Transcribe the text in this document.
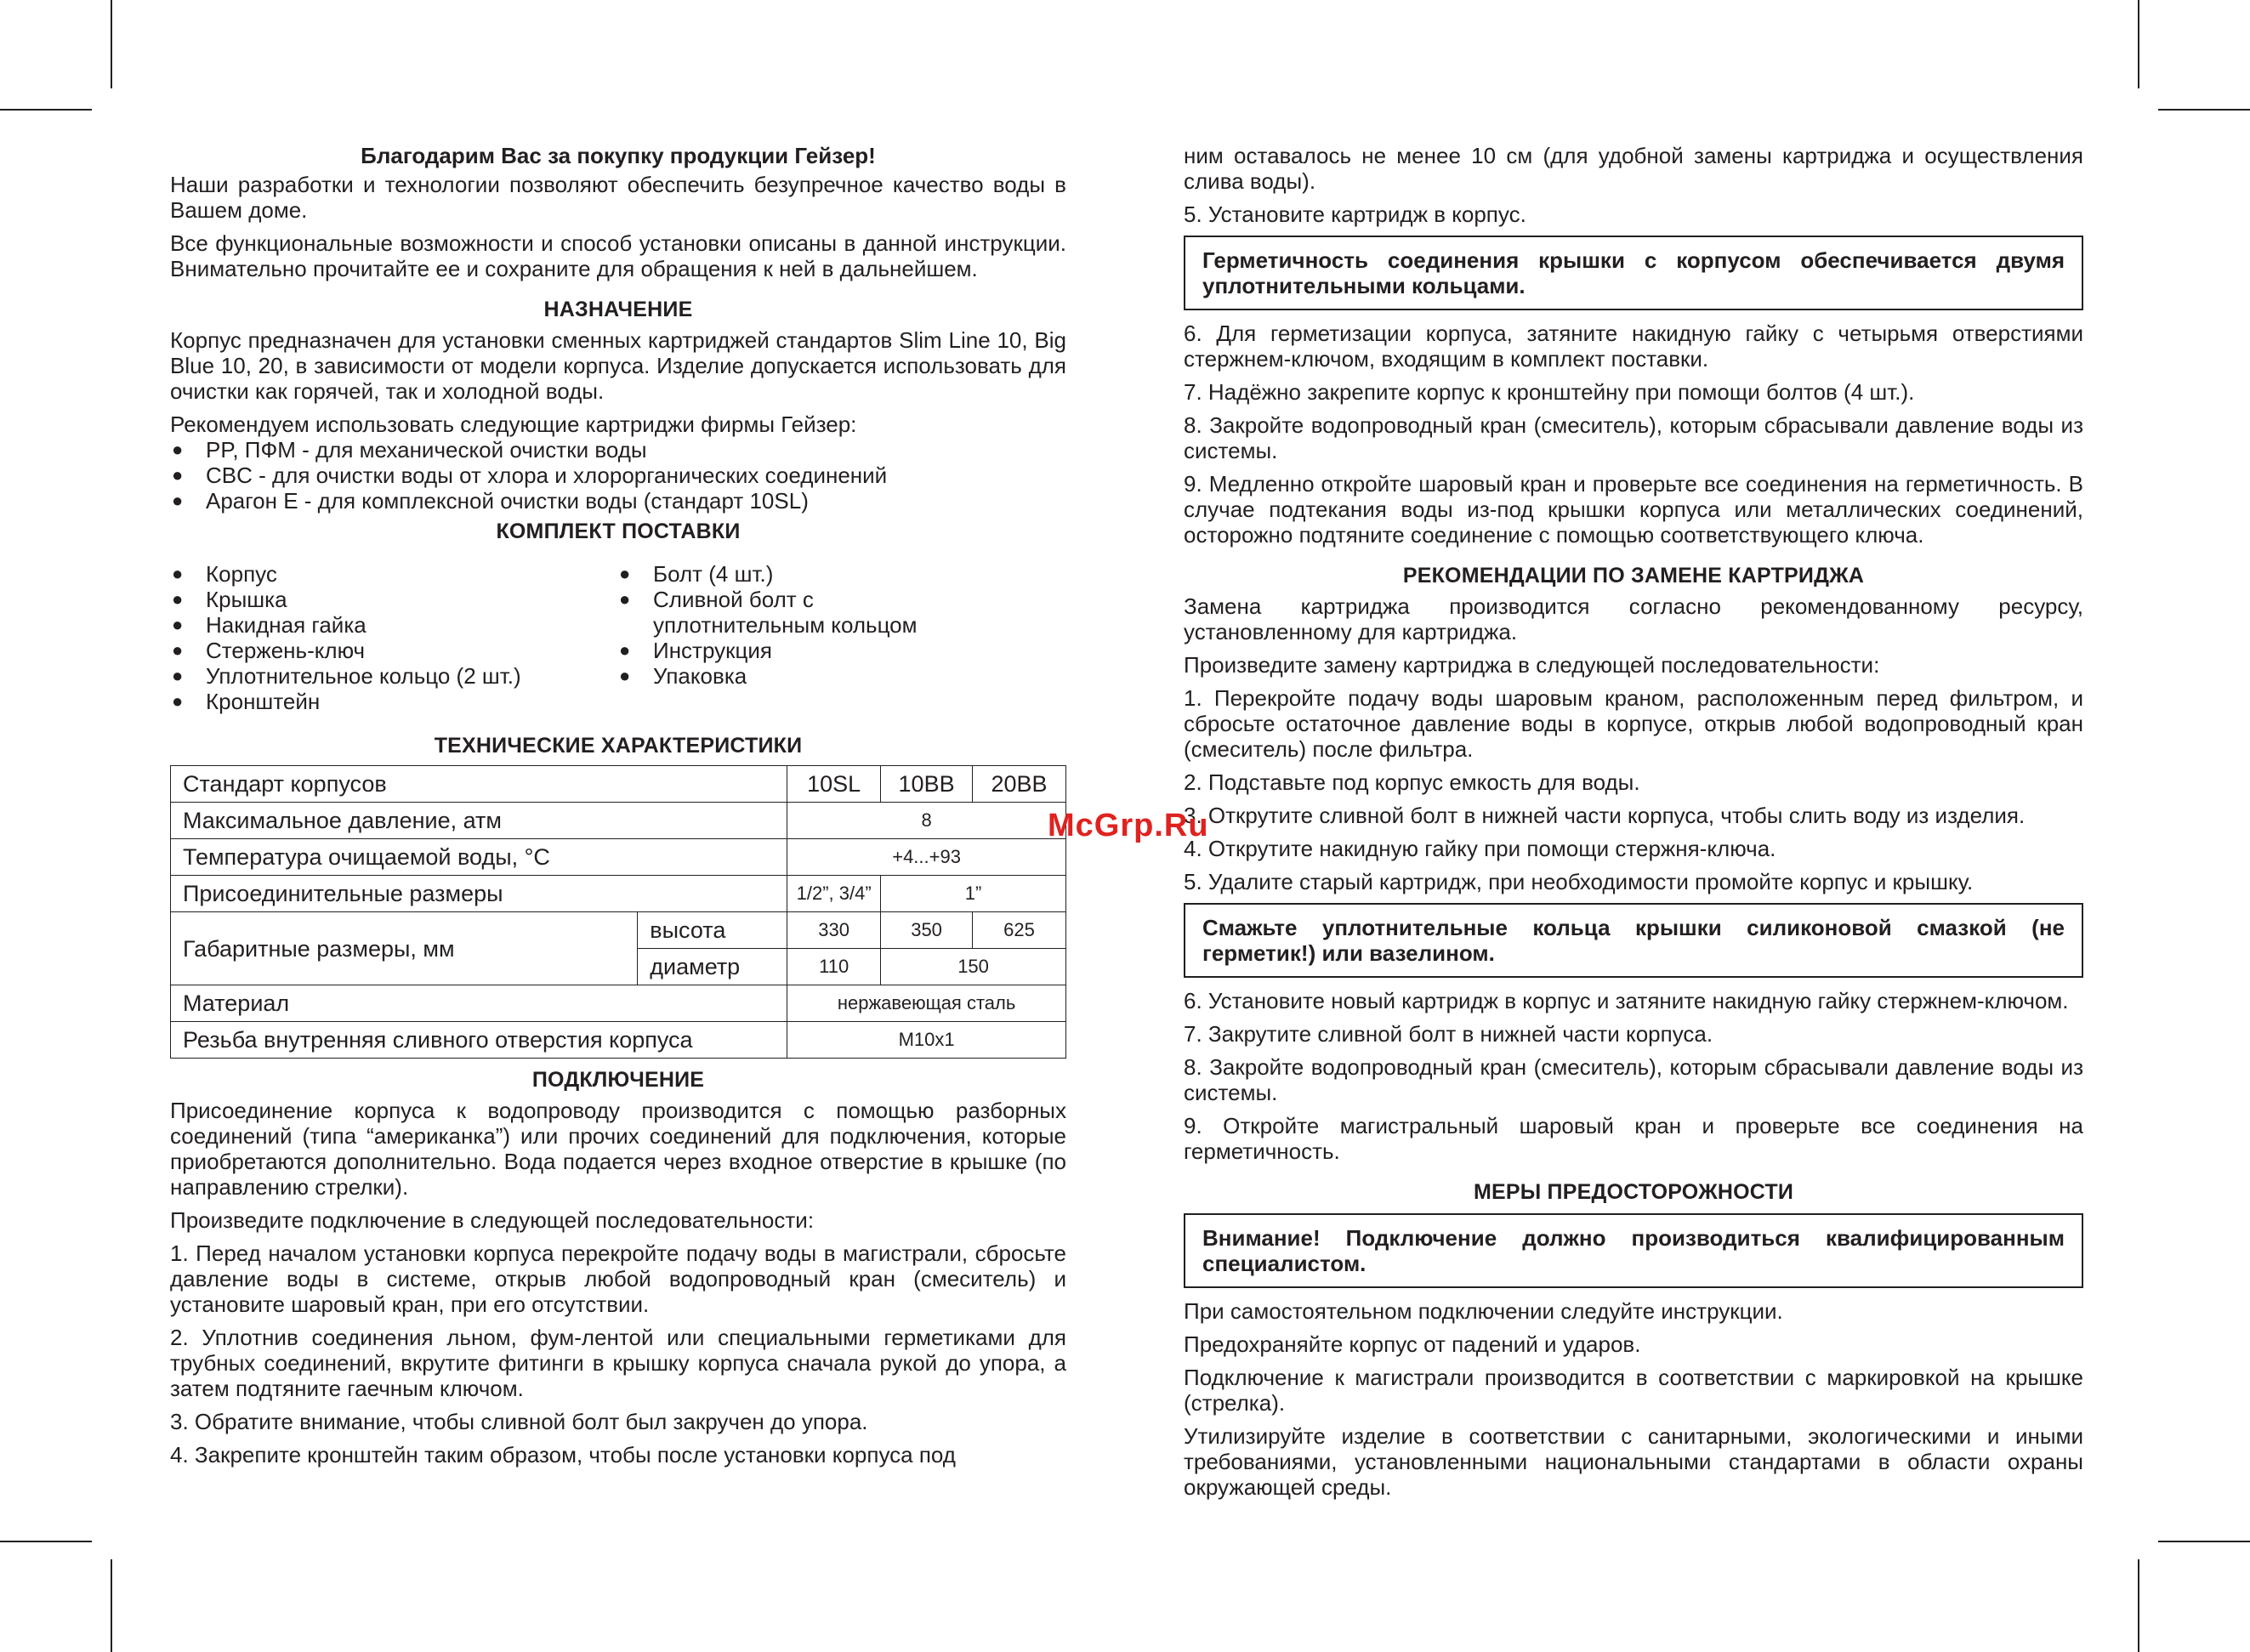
Благодарим Вас за покупку продукции Гейзер!

Наши разработки и технологии позволяют обеспечить безупречное качество воды в Вашем доме.

Все функциональные возможности и способ установки описаны в данной инструкции. Внимательно прочитайте ее и сохраните для обращения к ней в дальнейшем.

НАЗНАЧЕНИЕ

Корпус предназначен для установки сменных картриджей стандартов Slim Line 10, Big Blue 10, 20, в зависимости от модели корпуса. Изделие допускается использовать для очистки как горячей, так и холодной воды.

Рекомендуем использовать следующие картриджи фирмы Гейзер:

● PP, ПФМ - для механической очистки воды
● CBC - для очистки воды от хлора и хлорорганических соединений
● Арагон Е - для комплексной очистки воды (стандарт 10SL)
КОМПЛЕКТ ПОСТАВКИ
● Корпус
● Крышка
● Накидная гайка
● Стержень-ключ
● Уплотнительное кольцо (2 шт.)
● Кронштейн
● Болт (4 шт.)
● Сливной болт с уплотнительным кольцом
● Инструкция
● Упаковка
ТЕХНИЧЕСКИЕ ХАРАКТЕРИСТИКИ
Стандарт корпусов		10SL	10BB	20BB
Максимальное давление, атм		8		
Температура очищаемой воды, °C		+4...+93		
Присоединительные размеры		1/2”, 3/4”	1”	
Габаритные размеры, мм	высота	330	350	625
	диаметр	110	150	
Материал		нержавеющая сталь		
Резьба внутренняя сливного отверстия корпуса		М10х1		
ПОДКЛЮЧЕНИЕ

Присоединение корпуса к водопроводу производится с помощью разборных соединений (типа “американка”) или прочих соединений для подключения, которые приобретаются дополнительно. Вода подается через входное отверстие в крышке (по направлению стрелки).

Произведите подключение в следующей последовательности:

1. Перед началом установки корпуса перекройте подачу воды в магистрали, сбросьте давление воды в системе, открыв любой водопроводный кран (смеситель) и установите шаровый кран, при его отсутствии.

2. Уплотнив соединения льном, фум-лентой или специальными герметиками для трубных соединений, вкрутите фитинги в крышку корпуса сначала рукой до упора, а затем подтяните гаечным ключом.

3. Обратите внимание, чтобы сливной болт был закручен до упора.

4. Закрепите кронштейн таким образом, чтобы после установки корпуса под

ним оставалось не менее 10 см (для удобной замены картриджа и осуществления слива воды).

5. Установите картридж в корпус.

Герметичность соединения крышки с корпусом обеспечивается двумя уплотнительными кольцами.

6. Для герметизации корпуса, затяните накидную гайку с четырьмя отверстиями стержнем-ключом, входящим в комплект поставки.

7. Надёжно закрепите корпус к кронштейну при помощи болтов (4 шт.).

8. Закройте водопроводный кран (смеситель), которым сбрасывали давление воды из системы.

9. Медленно откройте шаровый кран и проверьте все соединения на герметичность. В случае подтекания воды из-под крышки корпуса или металлических соединений, осторожно подтяните соединение с помощью соответствующего ключа.

РЕКОМЕНДАЦИИ ПО ЗАМЕНЕ КАРТРИДЖА

Замена картриджа производится согласно рекомендованному ресурсу, установленному для картриджа.

Произведите замену картриджа в следующей последовательности:

1. Перекройте подачу воды шаровым краном, расположенным перед фильтром, и сбросьте остаточное давление воды в корпусе, открыв любой водопроводный кран (смеситель) после фильтра.

2. Подставьте под корпус емкость для воды.

3. Открутите сливной болт в нижней части корпуса, чтобы слить воду из изделия.

4. Открутите накидную гайку при помощи стержня-ключа.

5. Удалите старый картридж, при необходимости промойте корпус и крышку.

Смажьте уплотнительные кольца крышки силиконовой смазкой (не герметик!) или вазелином.

6. Установите новый картридж в корпус и затяните накидную гайку стержнем-ключом.

7. Закрутите сливной болт в нижней части корпуса.

8. Закройте водопроводный кран (смеситель), которым сбрасывали давление воды из системы.

9. Откройте магистральный шаровый кран и проверьте все соединения на герметичность.

МЕРЫ ПРЕДОСТОРОЖНОСТИ
Внимание! Подключение должно производиться квалифицированным специалистом.

При самостоятельном подключении следуйте инструкции.

Предохраняйте корпус от падений и ударов.

Подключение к магистрали производится в соответствии с маркировкой на крышке (стрелка).

Утилизируйте изделие в соответствии с санитарными, экологическими и иными требованиями, установленными национальными стандартами в области охраны окружающей среды.

McGrp.Ru
